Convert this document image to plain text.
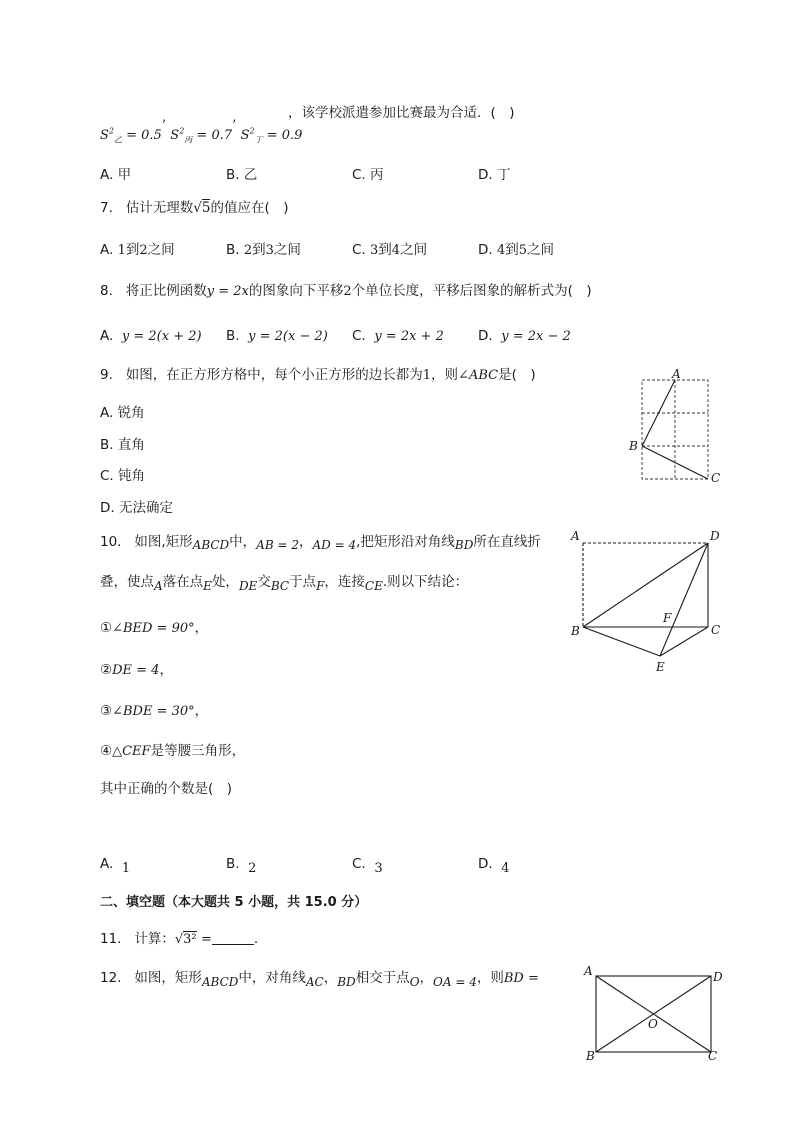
$S^2_乙 = 0.5$’ $S^2_丙 = 0.7$’ $S^2_丁 = 0.9$
，该学校派遣参加比赛最为合适．(　)
A. 甲	B. 乙	C. 丙	D. 丁
7. 估计无理数√5的值应在(　)
A. 1到2之间	B. 2到3之间	C. 3到4之间	D. 4到5之间
8. 将正比例函数y = 2x的图象向下平移2个单位长度，平移后图象的解析式为(　)
A. y = 2(x + 2) B. y = 2(x − 2) C. y = 2x + 2	D. y = 2x − 2
9. 如图，在正方形方格中，每个小正方形的边长都为1，则∠ABC是(　)
A. 锐角
B. 直角
C. 钝角
D. 无法确定
A
B
C
10. 如图,矩形ABCD中，AB = 2，AD = 4,把矩形沿对角线BD所在直线折
叠，使点A落在点E处，DE交BC于点F，连接CE.则以下结论：
①∠BED = 90°，
②DE = 4，
③∠BDE = 30°，
④△CEF是等腰三角形，
其中正确的个数是(　)
A. 1	B. 2	C. 3	D. 4
A	D
B	C
F
E
二、填空题（本大题共 5 小题，共 15.0 分）
11. 计算：√3² =	.
12. 如图，矩形ABCD中，对角线AC，BD相交于点O，OA = 4，则BD =	A	D
O
B	C
